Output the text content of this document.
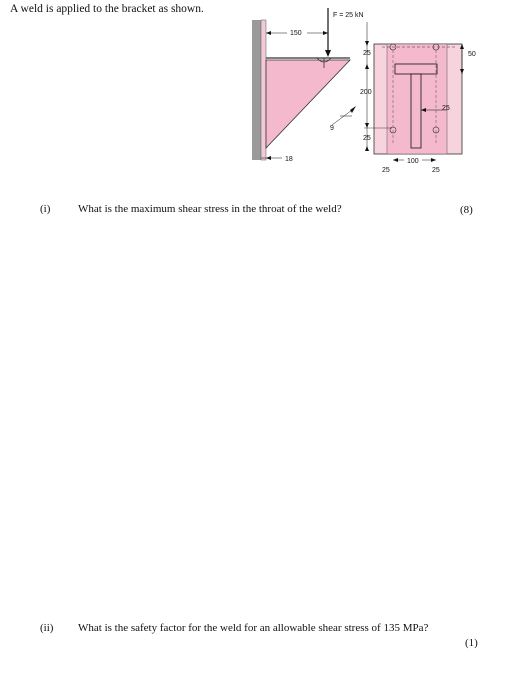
A weld is applied to the bracket as shown.
F = 25 kN
150
18
9
25
200
25
50
25
100
25	25
(i)	What is the maximum shear stress in the throat of the weld?	(8)
(ii) What is the safety factor for the weld for an allowable shear stress of 135 MPa?
(1)
